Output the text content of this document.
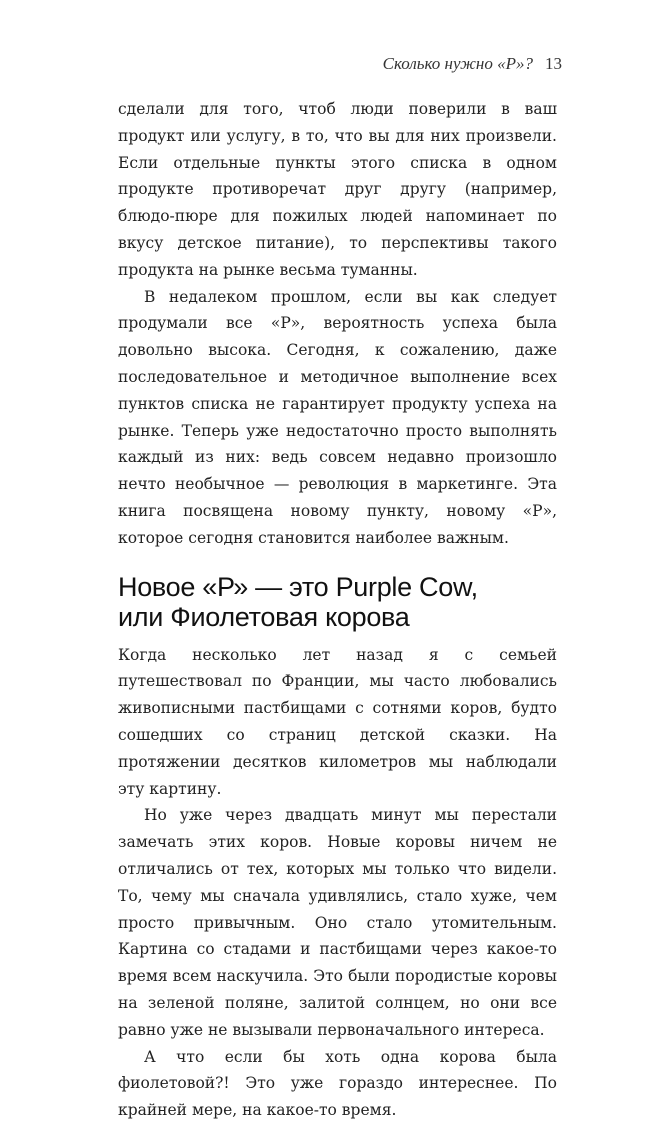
Сколько нужно «Р»? 13

сделали для того, чтоб люди поверили в ваш продукт или услугу, в то, что вы для них произвели. Если отдельные пункты этого списка в одном продукте противоречат друг другу (например, блюдо-пюре для пожилых людей напоминает по вкусу детское питание), то перспективы такого продукта на рынке весьма туманны.

В недалеком прошлом, если вы как следует продумали все «Р», вероятность успеха была довольно высока. Сегодня, к сожалению, даже последовательное и методичное выполнение всех пунктов списка не гарантирует продукту успеха на рынке. Теперь уже недостаточно просто выполнять каждый из них: ведь совсем недавно произошло нечто необычное — революция в маркетинге. Эта книга посвящена новому пункту, новому «Р», которое сегодня становится наиболее важным.

Новое «Р» — это Purple Cow,
или Фиолетовая корова

Когда несколько лет назад я с семьей путешествовал по Франции, мы часто любовались живописными пастбищами с сотнями коров, будто сошедших со страниц детской сказки. На протяжении десятков километров мы наблюдали эту картину.

Но уже через двадцать минут мы перестали замечать этих коров. Новые коровы ничем не отличались от тех, которых мы только что видели. То, чему мы сначала удивлялись, стало хуже, чем просто привычным. Оно стало утомительным. Картина со стадами и пастбищами через какое-то время всем наскучила. Это были породистые коровы на зеленой поляне, залитой солнцем, но они все равно уже не вызывали первоначального интереса.

А что если бы хоть одна корова была фиолетовой?! Это уже гораздо интереснее. По крайней мере, на какое-то время.
